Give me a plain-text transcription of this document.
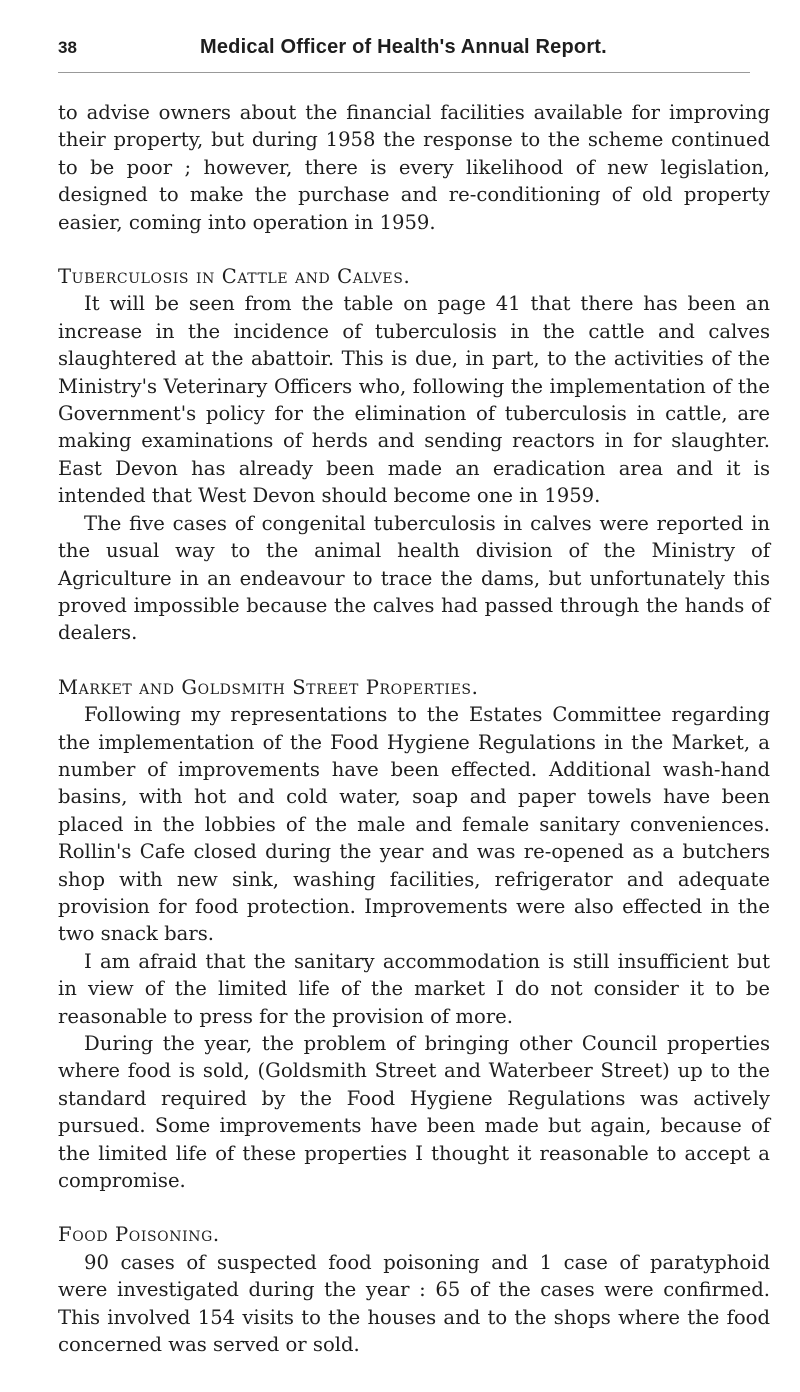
38	Medical Officer of Health's Annual Report.

to advise owners about the financial facilities available for improving their property, but during 1958 the response to the scheme continued to be poor ; however, there is every likelihood of new legislation, designed to make the purchase and re-conditioning of old property easier, coming into operation in 1959.

Tuberculosis in Cattle and Calves.

It will be seen from the table on page 41 that there has been an increase in the incidence of tuberculosis in the cattle and calves slaughtered at the abattoir. This is due, in part, to the activities of the Ministry's Veterinary Officers who, following the implementation of the Government's policy for the elimination of tuberculosis in cattle, are making examinations of herds and sending reactors in for slaughter. East Devon has already been made an eradication area and it is intended that West Devon should become one in 1959.

The five cases of congenital tuberculosis in calves were reported in the usual way to the animal health division of the Ministry of Agriculture in an endeavour to trace the dams, but unfortunately this proved impossible because the calves had passed through the hands of dealers.

Market and Goldsmith Street Properties.

Following my representations to the Estates Committee regarding the implementation of the Food Hygiene Regulations in the Market, a number of improvements have been effected. Additional wash-hand basins, with hot and cold water, soap and paper towels have been placed in the lobbies of the male and female sanitary conveniences. Rollin's Cafe closed during the year and was re-opened as a butchers shop with new sink, washing facilities, refrigerator and adequate provision for food protection. Improvements were also effected in the two snack bars.

I am afraid that the sanitary accommodation is still insufficient but in view of the limited life of the market I do not consider it to be reasonable to press for the provision of more.

During the year, the problem of bringing other Council properties where food is sold, (Goldsmith Street and Waterbeer Street) up to the standard required by the Food Hygiene Regulations was actively pursued. Some improvements have been made but again, because of the limited life of these properties I thought it reasonable to accept a compromise.

Food Poisoning.

90 cases of suspected food poisoning and 1 case of paratyphoid were investigated during the year : 65 of the cases were confirmed. This involved 154 visits to the houses and to the shops where the food concerned was served or sold.
